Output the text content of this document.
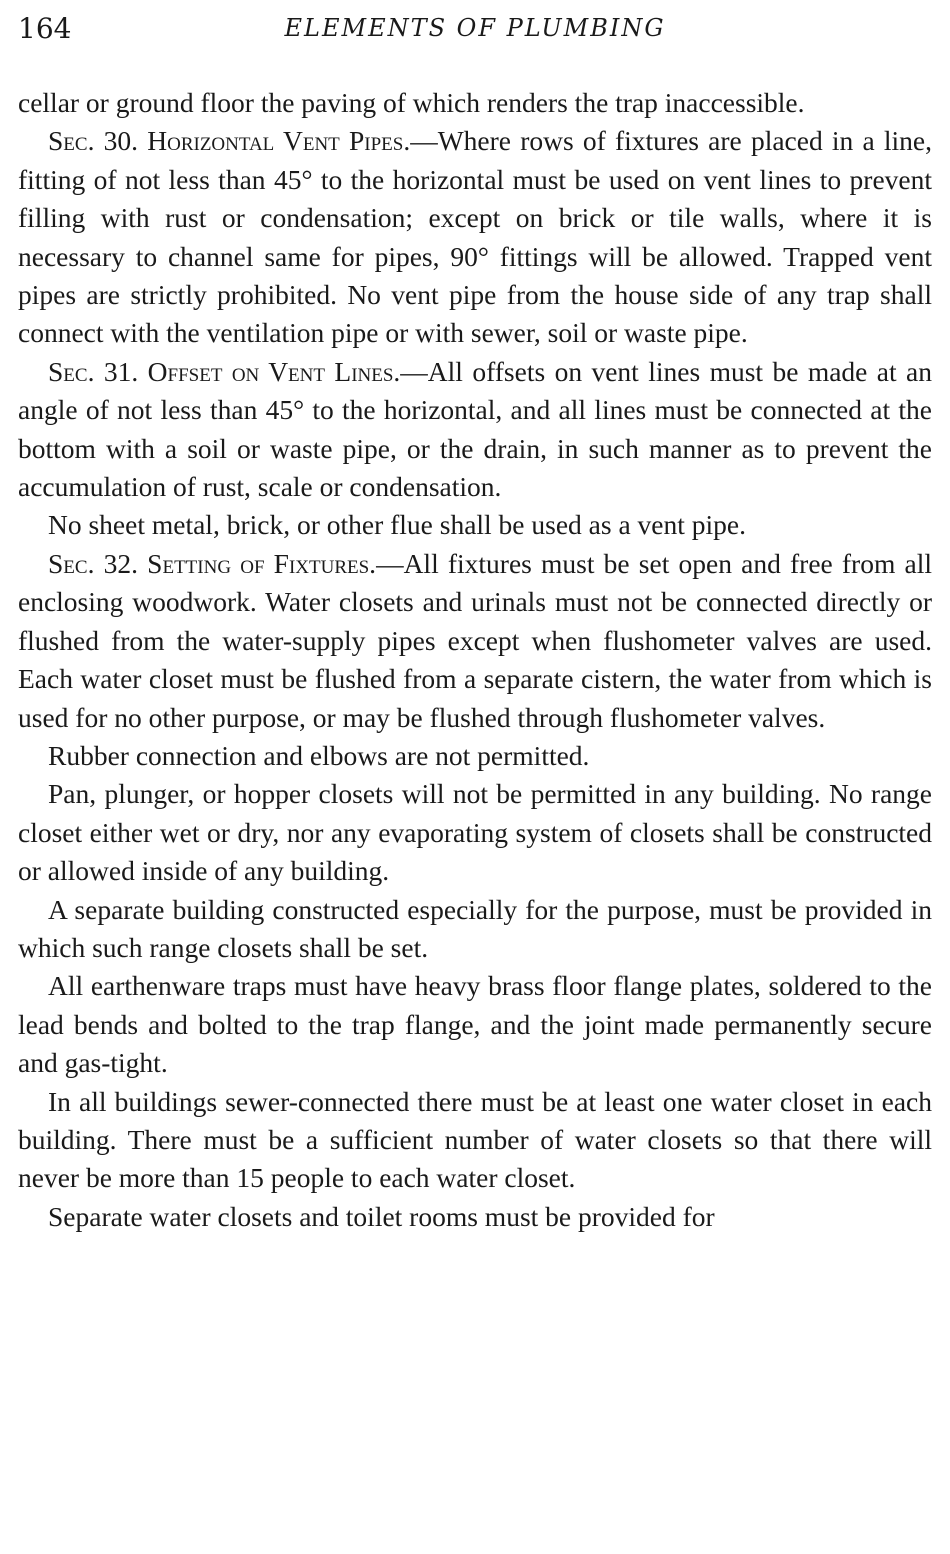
164	ELEMENTS OF PLUMBING

cellar or ground floor the paving of which renders the trap inaccessible.

Sec. 30. Horizontal Vent Pipes.—Where rows of fixtures are placed in a line, fitting of not less than 45° to the horizontal must be used on vent lines to prevent filling with rust or condensation; except on brick or tile walls, where it is necessary to channel same for pipes, 90° fittings will be allowed. Trapped vent pipes are strictly prohibited. No vent pipe from the house side of any trap shall connect with the ventilation pipe or with sewer, soil or waste pipe.

Sec. 31. Offset on Vent Lines.—All offsets on vent lines must be made at an angle of not less than 45° to the horizontal, and all lines must be connected at the bottom with a soil or waste pipe, or the drain, in such manner as to prevent the accumulation of rust, scale or condensation.

No sheet metal, brick, or other flue shall be used as a vent pipe.

Sec. 32. Setting of Fixtures.—All fixtures must be set open and free from all enclosing woodwork. Water closets and urinals must not be connected directly or flushed from the water-supply pipes except when flushometer valves are used. Each water closet must be flushed from a separate cistern, the water from which is used for no other purpose, or may be flushed through flushometer valves.

Rubber connection and elbows are not permitted.

Pan, plunger, or hopper closets will not be permitted in any building. No range closet either wet or dry, nor any evaporating system of closets shall be constructed or allowed inside of any building.

A separate building constructed especially for the purpose, must be provided in which such range closets shall be set.

All earthenware traps must have heavy brass floor flange plates, soldered to the lead bends and bolted to the trap flange, and the joint made permanently secure and gas-tight.

In all buildings sewer-connected there must be at least one water closet in each building. There must be a sufficient number of water closets so that there will never be more than 15 people to each water closet.

Separate water closets and toilet rooms must be provided for
